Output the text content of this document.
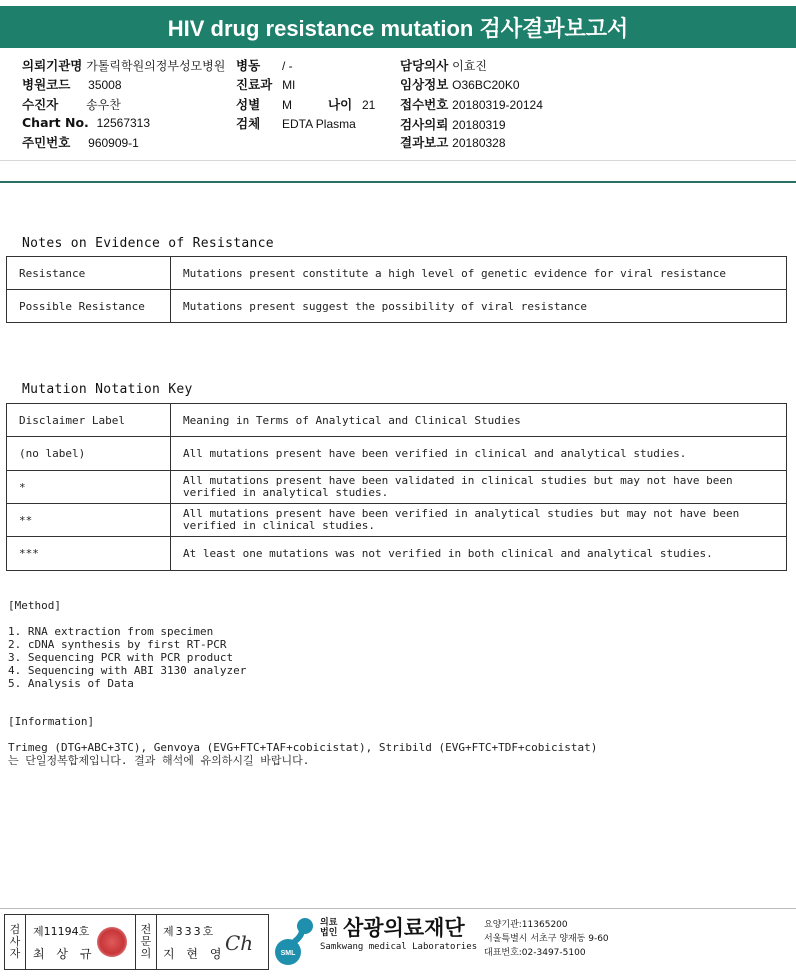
HIV drug resistance mutation 검사결과보고서
의뢰기관명 가톨릭학원의정부성모병원
병원코드 35008
수진자 송우찬
Chart No. 12567313
주민번호 960909-1
병동 / -
진료과 MI
성별 M	나이 21
검체 EDTA Plasma
담당의사 이효진
임상정보 O36BC20K0
접수번호 20180319-20124
검사의뢰 20180319
결과보고 20180328
Notes on Evidence of Resistance
Resistance	Mutations present constitute a high level of genetic evidence for viral resistance
Possible Resistance	Mutations present suggest the possibility of viral resistance
Mutation Notation Key
Disclaimer Label	Meaning in Terms of Analytical and Clinical Studies
(no label)	All mutations present have been verified in clinical and analytical studies.
*	All mutations present have been validated in clinical studies but may not have been verified in analytical studies.
**	All mutations present have been verified in analytical studies but may not have been verified in clinical studies.
***	At least one mutations was not verified in both clinical and analytical studies.
[Method]
1. RNA extraction from specimen
2. cDNA synthesis by first RT-PCR
3. Sequencing PCR with PCR product
4. Sequencing with ABI 3130 analyzer
5. Analysis of Data
[Information]
Trimeg (DTG+ABC+3TC), Genvoya (EVG+FTC+TAF+cobicistat), Stribild (EVG+FTC+TDF+cobicistat)
는 단일정복합제입니다. 결과 해석에 유의하시길 바랍니다.
검
사
자
제11194호
최 상 규
전
문
의
제333호
지 현 영 Ch	SML
의료
법인 삼광의료재단
Samkwang medical Laboratories
요양기관:11365200
서울특별시 서초구 양재동 9-60
대표번호:02-3497-5100
